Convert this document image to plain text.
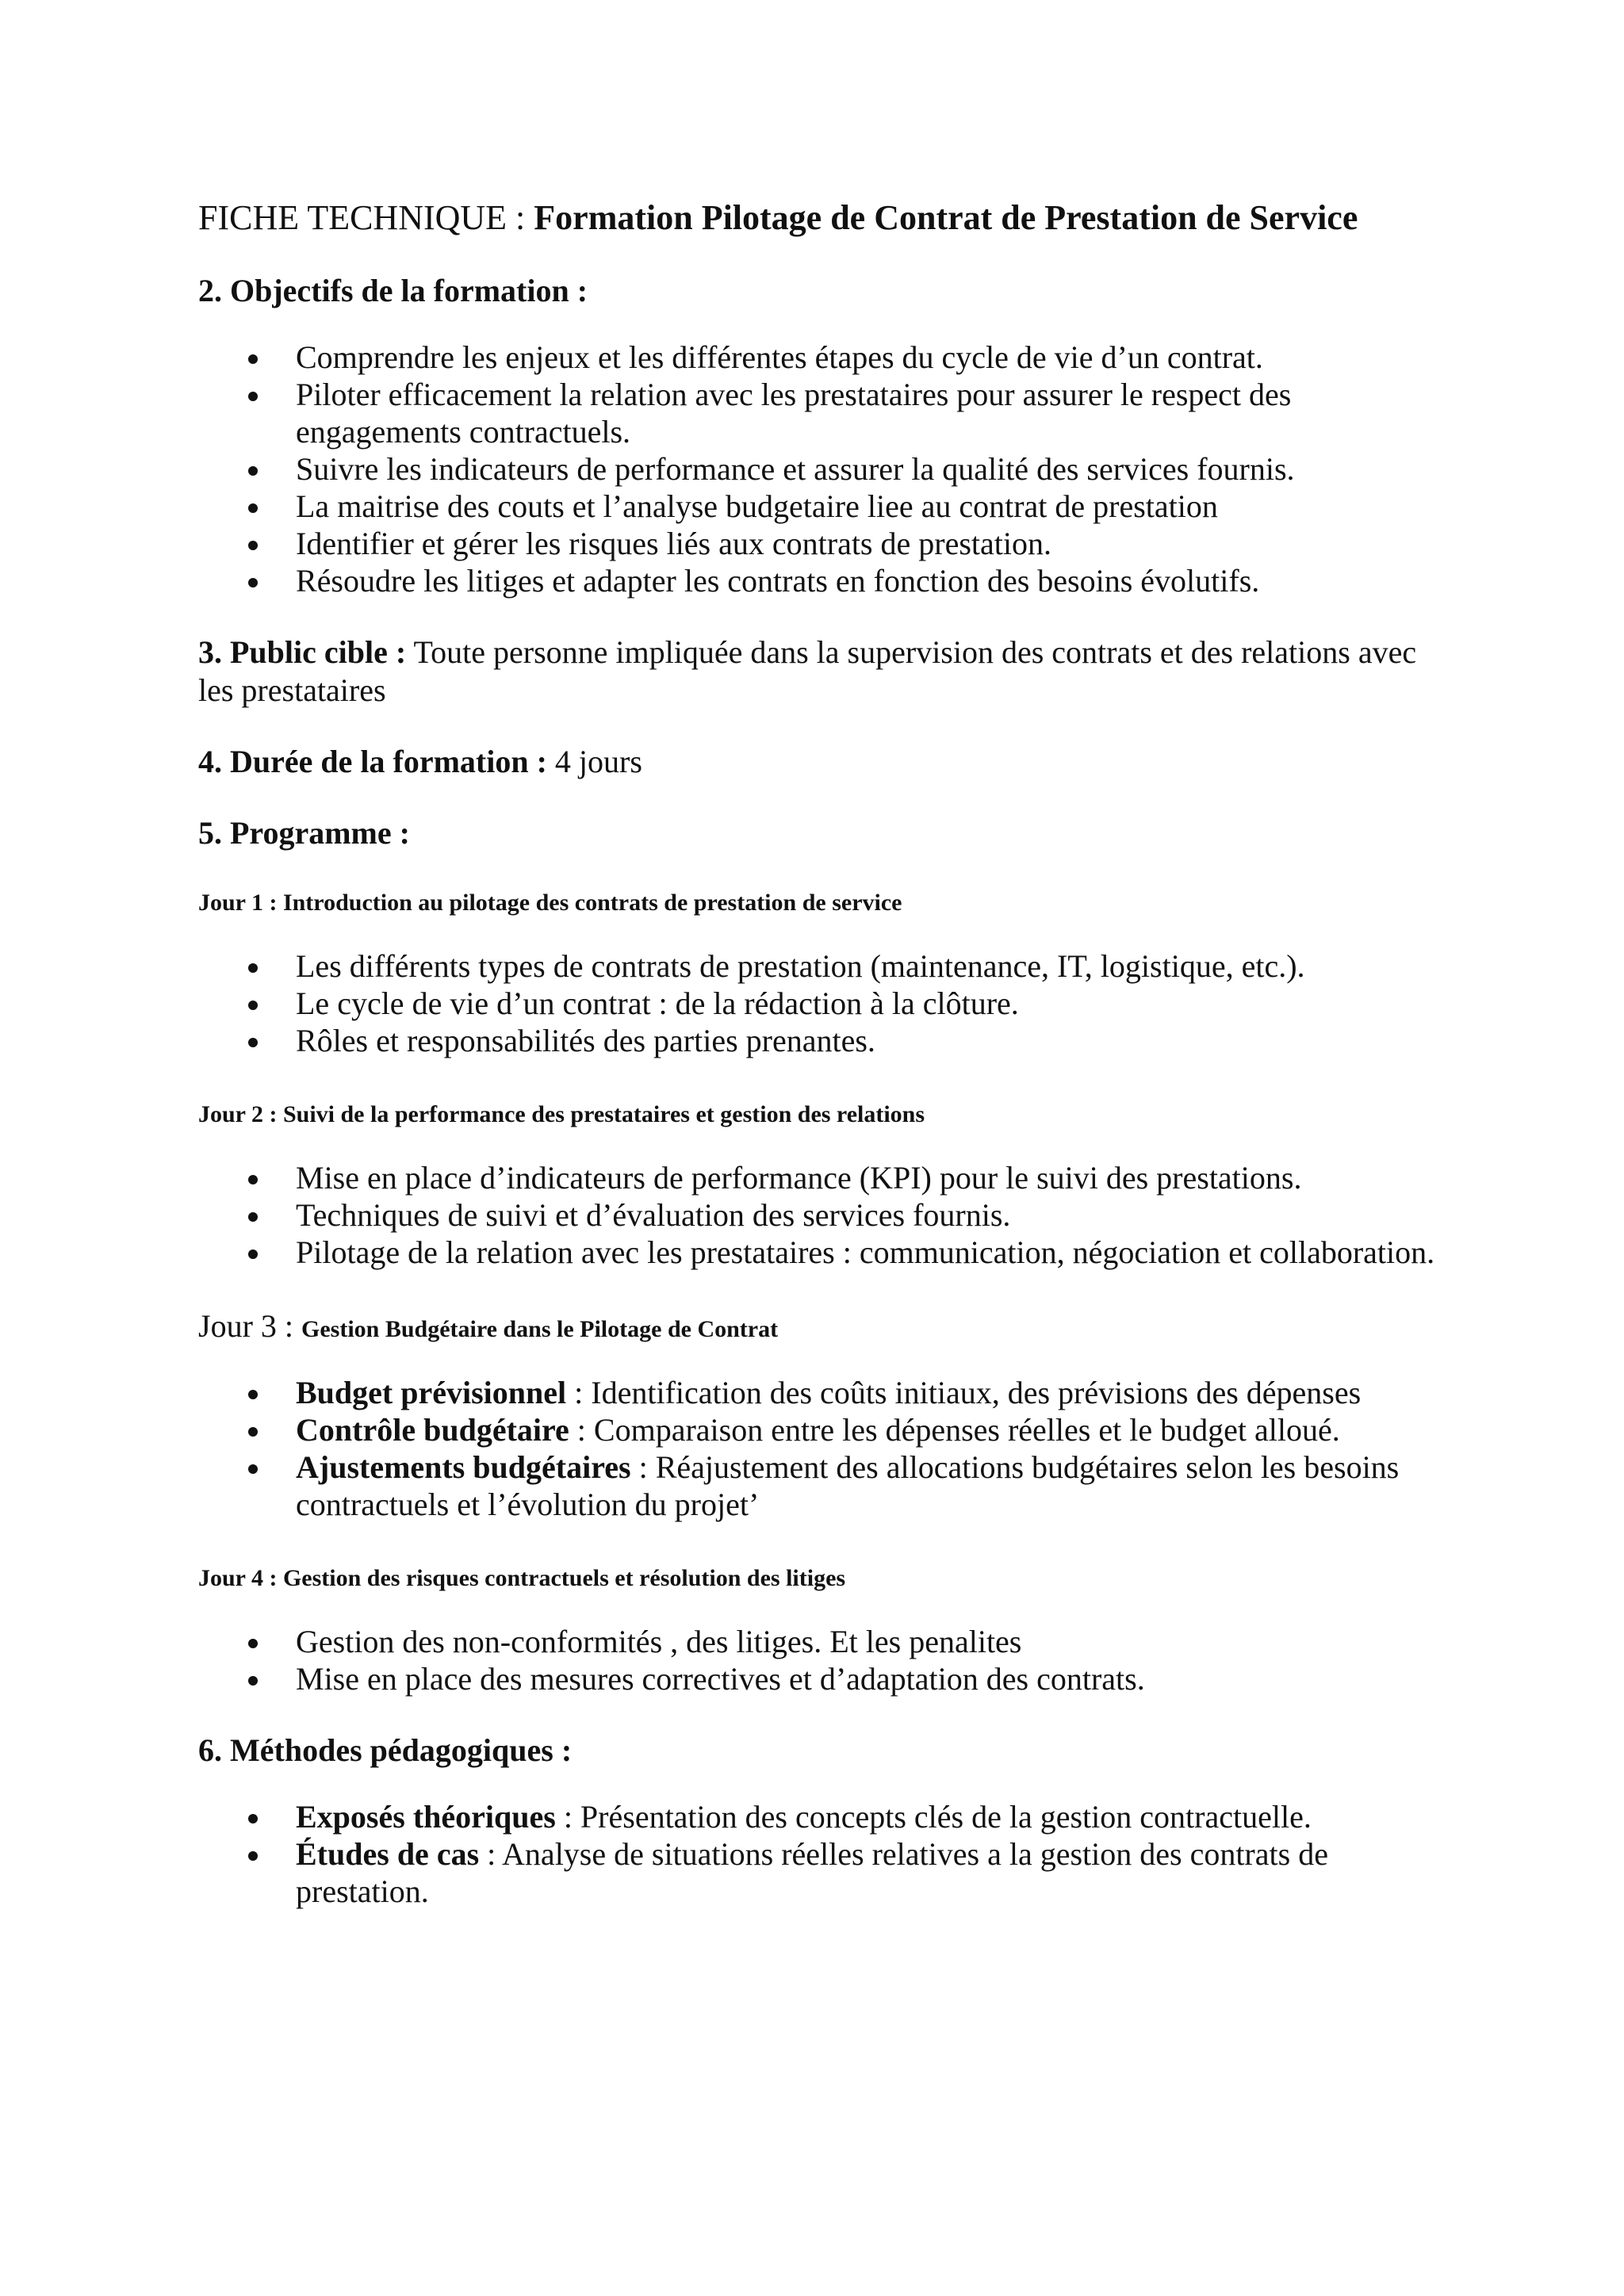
FICHE TECHNIQUE : Formation Pilotage de Contrat de Prestation de Service
2. Objectifs de la formation :
Comprendre les enjeux et les différentes étapes du cycle de vie d’un contrat.
Piloter efficacement la relation avec les prestataires pour assurer le respect des engagements contractuels.
Suivre les indicateurs de performance et assurer la qualité des services fournis.
La maitrise des couts et l’analyse budgetaire liee au contrat de prestation
Identifier et gérer les risques liés aux contrats de prestation.
Résoudre les litiges et adapter les contrats en fonction des besoins évolutifs.

3. Public cible : Toute personne impliquée dans la supervision des contrats et des relations avec les prestataires

4. Durée de la formation : 4 jours

5. Programme :
Jour 1 : Introduction au pilotage des contrats de prestation de service
Les différents types de contrats de prestation (maintenance, IT, logistique, etc.).
Le cycle de vie d’un contrat : de la rédaction à la clôture.
Rôles et responsabilités des parties prenantes.
Jour 2 : Suivi de la performance des prestataires et gestion des relations
Mise en place d’indicateurs de performance (KPI) pour le suivi des prestations.
Techniques de suivi et d’évaluation des services fournis.
Pilotage de la relation avec les prestataires : communication, négociation et collaboration.
Jour 3 : Gestion Budgétaire dans le Pilotage de Contrat
Budget prévisionnel : Identification des coûts initiaux, des prévisions des dépenses
Contrôle budgétaire : Comparaison entre les dépenses réelles et le budget alloué.
Ajustements budgétaires : Réajustement des allocations budgétaires selon les besoins contractuels et l’évolution du projet’
Jour 4 : Gestion des risques contractuels et résolution des litiges
Gestion des non-conformités , des litiges. Et les penalites
Mise en place des mesures correctives et d’adaptation des contrats.
6. Méthodes pédagogiques :
Exposés théoriques : Présentation des concepts clés de la gestion contractuelle.
Études de cas : Analyse de situations réelles relatives a la gestion des contrats de prestation.
